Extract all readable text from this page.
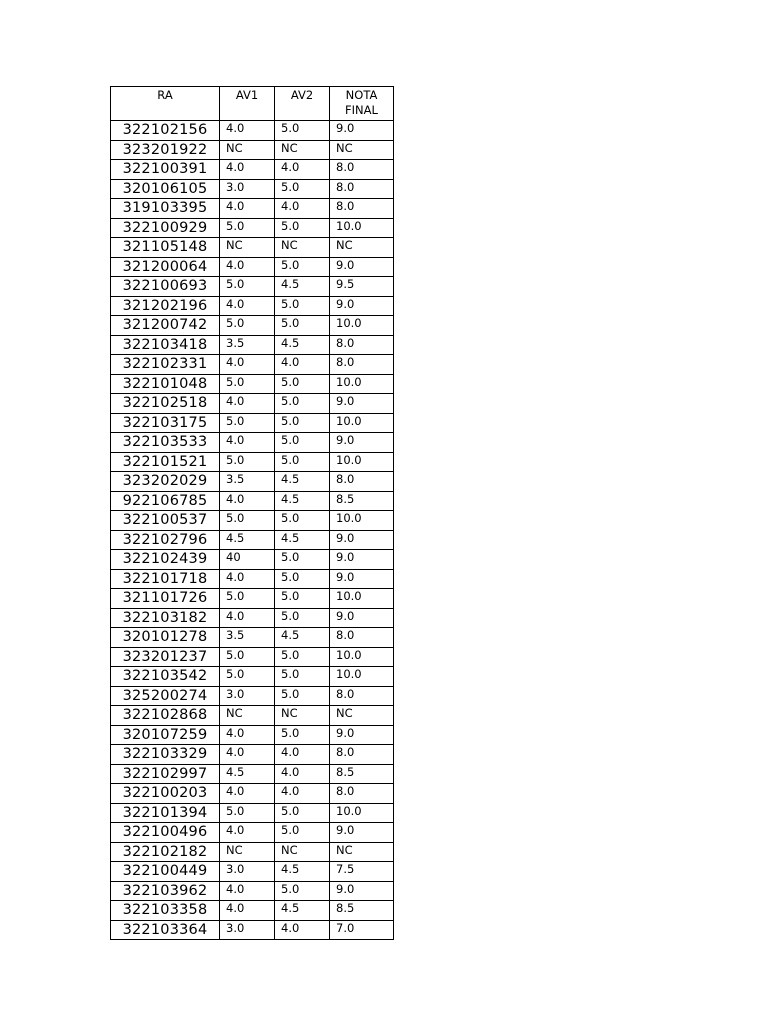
RA	AV1	AV2	NOTA FINAL
322102156	4.0	5.0	9.0
323201922	NC	NC	NC
322100391	4.0	4.0	8.0
320106105	3.0	5.0	8.0
319103395	4.0	4.0	8.0
322100929	5.0	5.0	10.0
321105148	NC	NC	NC
321200064	4.0	5.0	9.0
322100693	5.0	4.5	9.5
321202196	4.0	5.0	9.0
321200742	5.0	5.0	10.0
322103418	3.5	4.5	8.0
322102331	4.0	4.0	8.0
322101048	5.0	5.0	10.0
322102518	4.0	5.0	9.0
322103175	5.0	5.0	10.0
322103533	4.0	5.0	9.0
322101521	5.0	5.0	10.0
323202029	3.5	4.5	8.0
922106785	4.0	4.5	8.5
322100537	5.0	5.0	10.0
322102796	4.5	4.5	9.0
322102439	40	5.0	9.0
322101718	4.0	5.0	9.0
321101726	5.0	5.0	10.0
322103182	4.0	5.0	9.0
320101278	3.5	4.5	8.0
323201237	5.0	5.0	10.0
322103542	5.0	5.0	10.0
325200274	3.0	5.0	8.0
322102868	NC	NC	NC
320107259	4.0	5.0	9.0
322103329	4.0	4.0	8.0
322102997	4.5	4.0	8.5
322100203	4.0	4.0	8.0
322101394	5.0	5.0	10.0
322100496	4.0	5.0	9.0
322102182	NC	NC	NC
322100449	3.0	4.5	7.5
322103962	4.0	5.0	9.0
322103358	4.0	4.5	8.5
322103364	3.0	4.0	7.0
